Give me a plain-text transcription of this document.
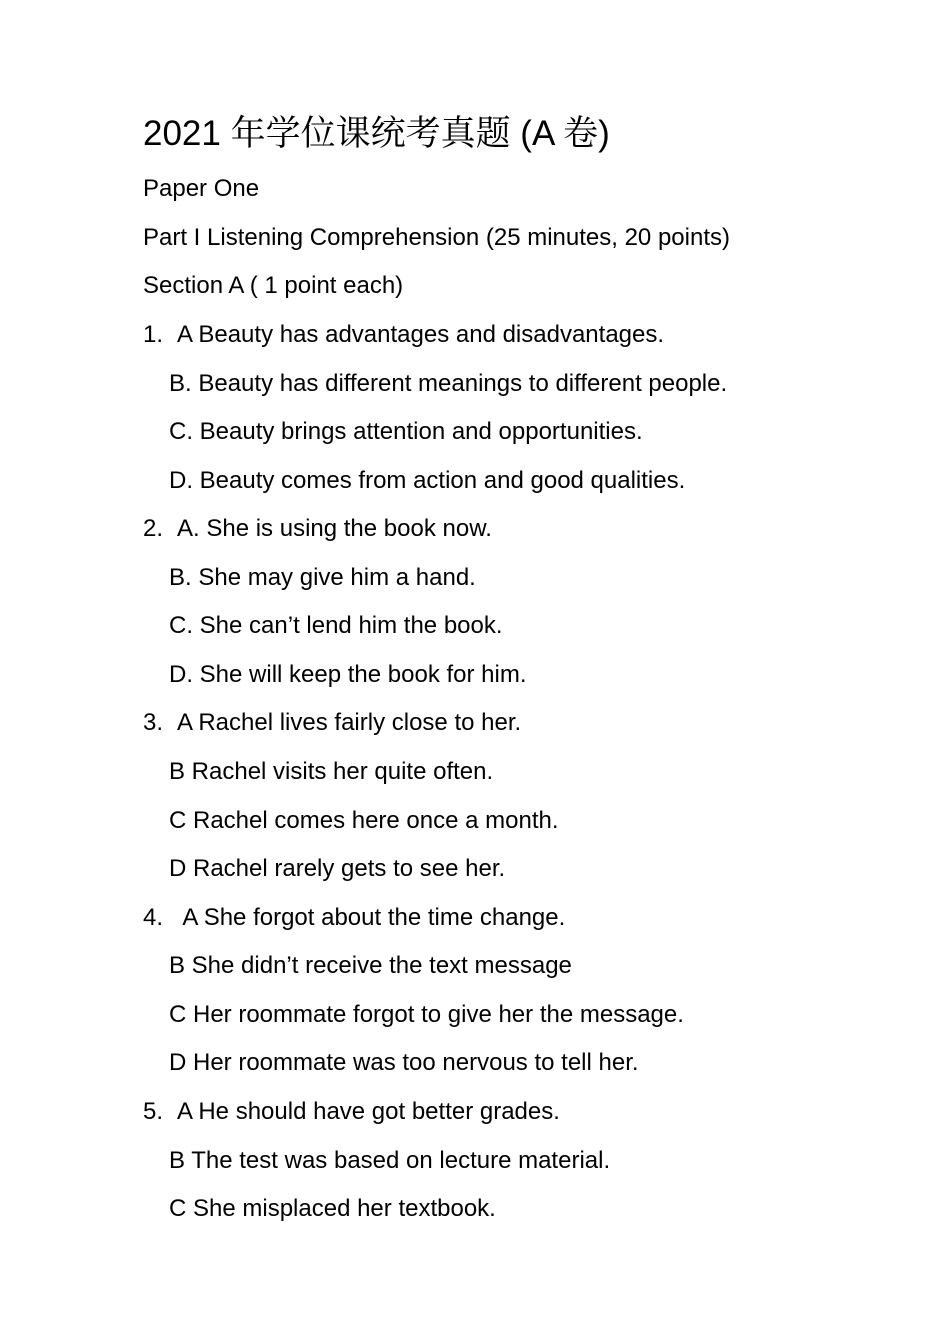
2021 年学位课统考真题 (A 卷)

Paper One

Part I Listening Comprehension (25 minutes, 20 points)

Section A ( 1 point each)

1. A Beauty has advantages and disadvantages.

B. Beauty has different meanings to different people.

C. Beauty brings attention and opportunities.

D. Beauty comes from action and good qualities.

2. A. She is using the book now.

B. She may give him a hand.

C. She can’t lend him the book.

D. She will keep the book for him.

3. A Rachel lives fairly close to her.

B Rachel visits her quite often.

C Rachel comes here once a month.

D Rachel rarely gets to see her.

4. A She forgot about the time change.

B She didn’t receive the text message

C Her roommate forgot to give her the message.

D Her roommate was too nervous to tell her.

5. A He should have got better grades.

B The test was based on lecture material.

C She misplaced her textbook.
